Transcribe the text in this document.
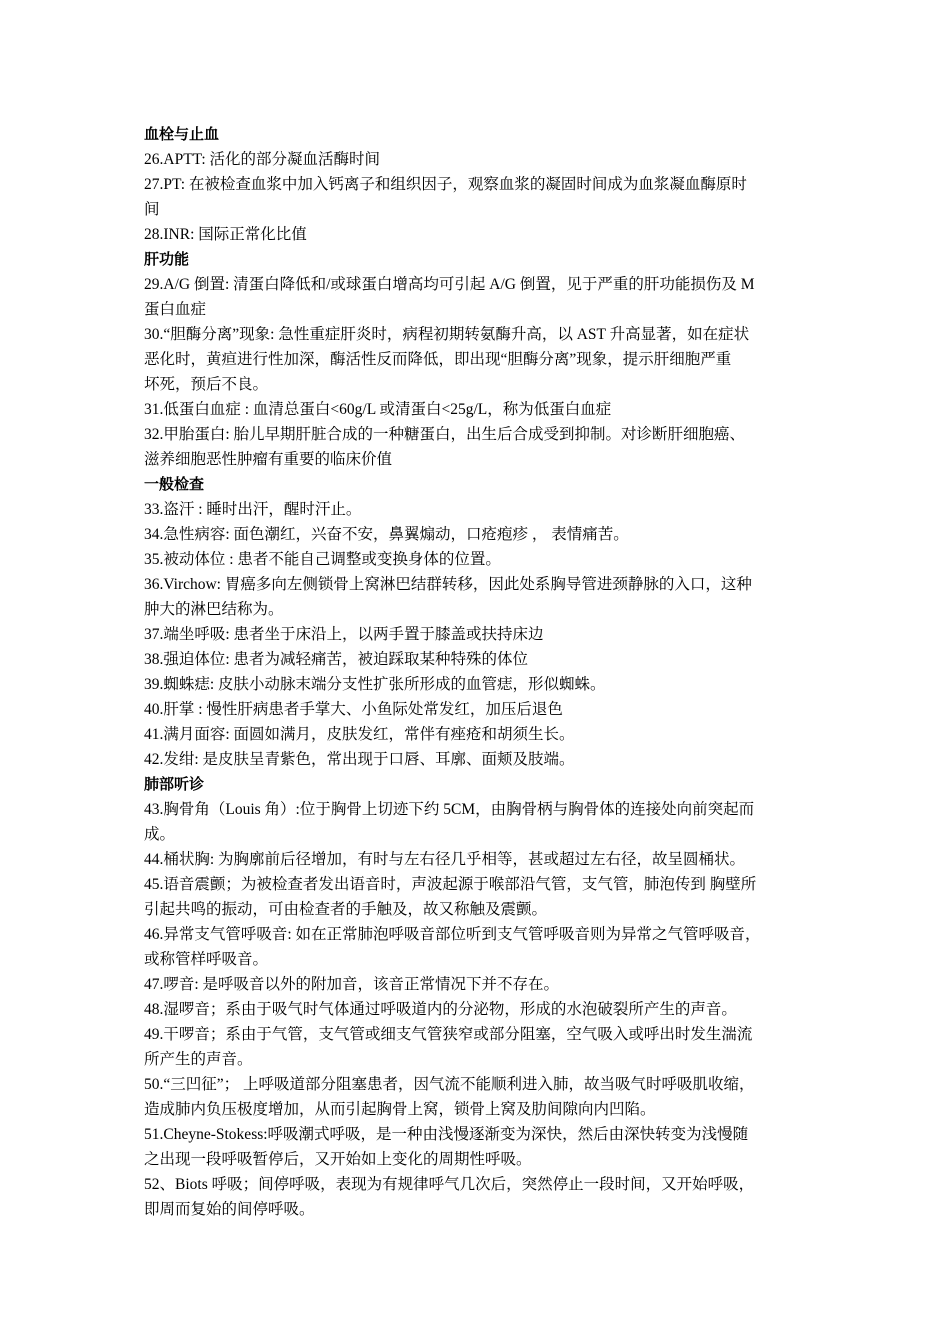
血栓与止血
26.APTT: 活化的部分凝血活酶时间
27.PT: 在被检查血浆中加入钙离子和组织因子，观察血浆的凝固时间成为血浆凝血酶原时
间
28.INR: 国际正常化比值
肝功能
29.A/G 倒置: 清蛋白降低和/或球蛋白增高均可引起 A/G 倒置，见于严重的肝功能损伤及 M
蛋白血症
30.“胆酶分离”现象: 急性重症肝炎时，病程初期转氨酶升高，以 AST 升高显著，如在症状
恶化时，黄疸进行性加深，酶活性反而降低，即出现“胆酶分离”现象，提示肝细胞严重
坏死，预后不良。
31.低蛋白血症 : 血清总蛋白<60g/L 或清蛋白<25g/L，称为低蛋白血症
32.甲胎蛋白: 胎儿早期肝脏合成的一种糖蛋白，出生后合成受到抑制。对诊断肝细胞癌、
滋养细胞恶性肿瘤有重要的临床价值
一般检查
33.盗汗 : 睡时出汗，醒时汗止。
34.急性病容: 面色潮红，兴奋不安，鼻翼煽动，口疮疱疹 ， 表情痛苦。
35.被动体位 : 患者不能自己调整或变换身体的位置。
36.Virchow: 胃癌多向左侧锁骨上窝淋巴结群转移，因此处系胸导管进颈静脉的入口，这种
肿大的淋巴结称为。
37.端坐呼吸: 患者坐于床沿上，以两手置于膝盖或扶持床边
38.强迫体位: 患者为减轻痛苦，被迫踩取某种特殊的体位
39.蜘蛛痣: 皮肤小动脉末端分支性扩张所形成的血管痣，形似蜘蛛。
40.肝掌 : 慢性肝病患者手掌大、小鱼际处常发红，加压后退色
41.满月面容: 面圆如满月，皮肤发红，常伴有痤疮和胡须生长。
42.发绀: 是皮肤呈青紫色，常出现于口唇、耳廓、面颊及肢端。
肺部听诊
43.胸骨角（Louis 角）:位于胸骨上切迹下约 5CM，由胸骨柄与胸骨体的连接处向前突起而
成。
44.桶状胸: 为胸廓前后径增加，有时与左右径几乎相等，甚或超过左右径，故呈圆桶状。
45.语音震颤；为被检查者发出语音时，声波起源于喉部沿气管，支气管，肺泡传到 胸壁所
引起共鸣的振动，可由检查者的手触及，故又称触及震颤。
46.异常支气管呼吸音: 如在正常肺泡呼吸音部位听到支气管呼吸音则为异常之气管呼吸音，
或称管样呼吸音。
47.啰音: 是呼吸音以外的附加音，该音正常情况下并不存在。
48.湿啰音；系由于吸气时气体通过呼吸道内的分泌物，形成的水泡破裂所产生的声音。
49.干啰音；系由于气管，支气管或细支气管狭窄或部分阻塞，空气吸入或呼出时发生湍流
所产生的声音。
50.“三凹征”； 上呼吸道部分阻塞患者，因气流不能顺利进入肺，故当吸气时呼吸肌收缩，
造成肺内负压极度增加，从而引起胸骨上窝，锁骨上窝及肋间隙向内凹陷。
51.Cheyne-Stokess:呼吸潮式呼吸，是一种由浅慢逐渐变为深快，然后由深快转变为浅慢随
之出现一段呼吸暂停后，又开始如上变化的周期性呼吸。
52、Biots 呼吸；间停呼吸，表现为有规律呼气几次后，突然停止一段时间，又开始呼吸，
即周而复始的间停呼吸。
